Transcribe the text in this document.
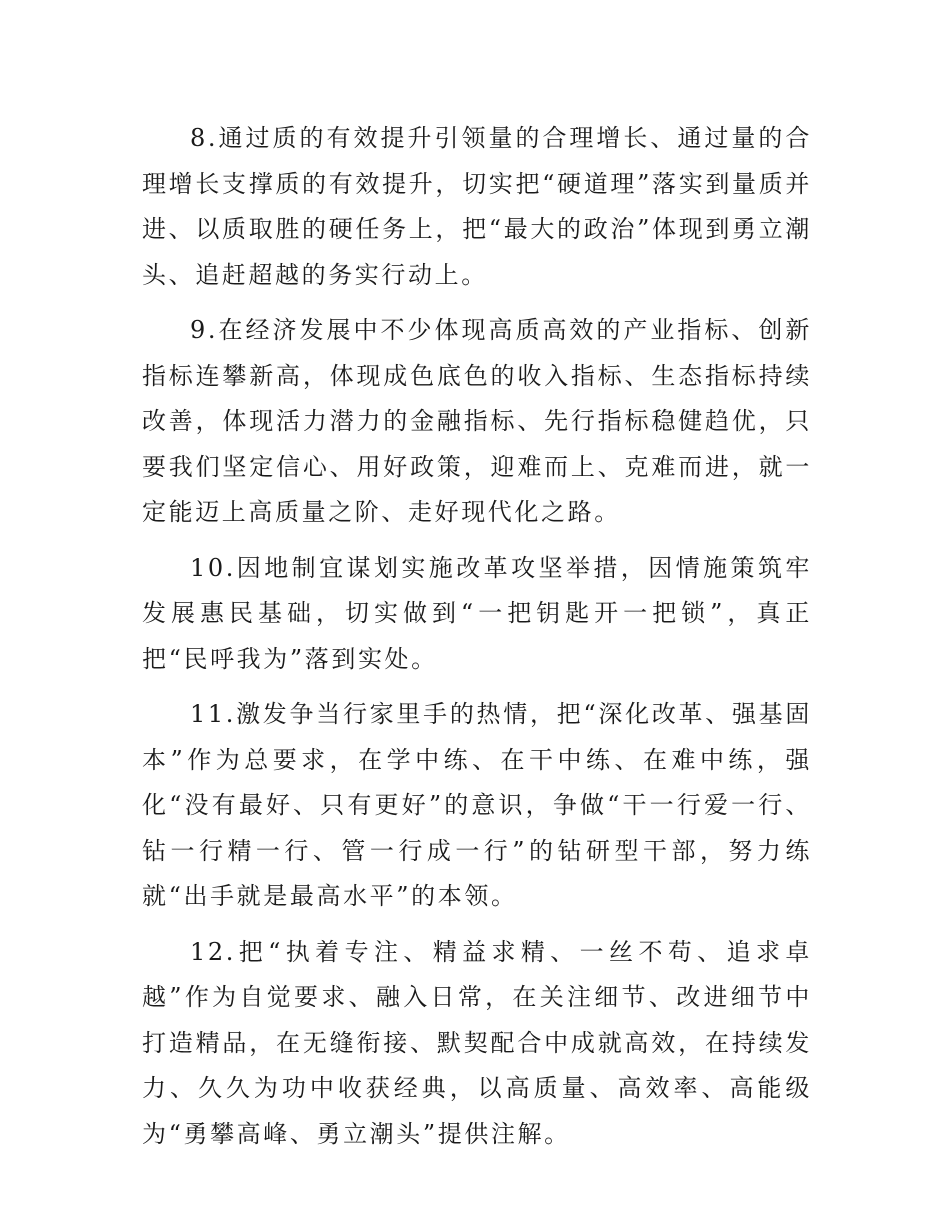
8.通过质的有效提升引领量的合理增长、通过量的合理增长支撑质的有效提升，切实把“硬道理”落实到量质并进、以质取胜的硬任务上，把“最大的政治”体现到勇立潮头、追赶超越的务实行动上。

9.在经济发展中不少体现高质高效的产业指标、创新指标连攀新高，体现成色底色的收入指标、生态指标持续改善，体现活力潜力的金融指标、先行指标稳健趋优，只要我们坚定信心、用好政策，迎难而上、克难而进，就一定能迈上高质量之阶、走好现代化之路。

10.因地制宜谋划实施改革攻坚举措，因情施策筑牢发展惠民基础，切实做到“一把钥匙开一把锁”，真正把“民呼我为”落到实处。

11.激发争当行家里手的热情，把“深化改革、强基固本”作为总要求，在学中练、在干中练、在难中练，强化“没有最好、只有更好”的意识，争做“干一行爱一行、钻一行精一行、管一行成一行”的钻研型干部，努力练就“出手就是最高水平”的本领。

12.把“执着专注、精益求精、一丝不苟、追求卓越”作为自觉要求、融入日常，在关注细节、改进细节中打造精品，在无缝衔接、默契配合中成就高效，在持续发力、久久为功中收获经典，以高质量、高效率、高能级为“勇攀高峰、勇立潮头”提供注解。
